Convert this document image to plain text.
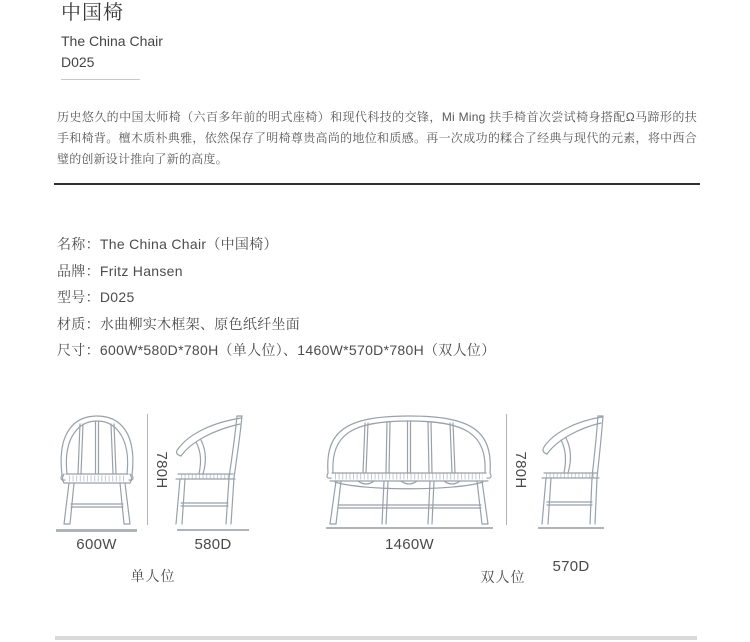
中国椅
The China Chair
D025

历史悠久的中国太师椅（六百多年前的明式座椅）和现代科技的交锋，Mi Ming 扶手椅首次尝试椅身搭配Ω马蹄形的扶手和椅背。檀木质朴典雅，依然保存了明椅尊贵高尚的地位和质感。再一次成功的糅合了经典与现代的元素，将中西合璧的创新设计推向了新的高度。

名称：The China Chair（中国椅）
品牌：Fritz Hansen
型号：D025
材质：水曲柳实木框架、原色纸纤坐面
尺寸：600W*580D*780H（单人位）、1460W*570D*780H（双人位）
600W
780H
580D
单人位
1460W
780H
570D
双人位
